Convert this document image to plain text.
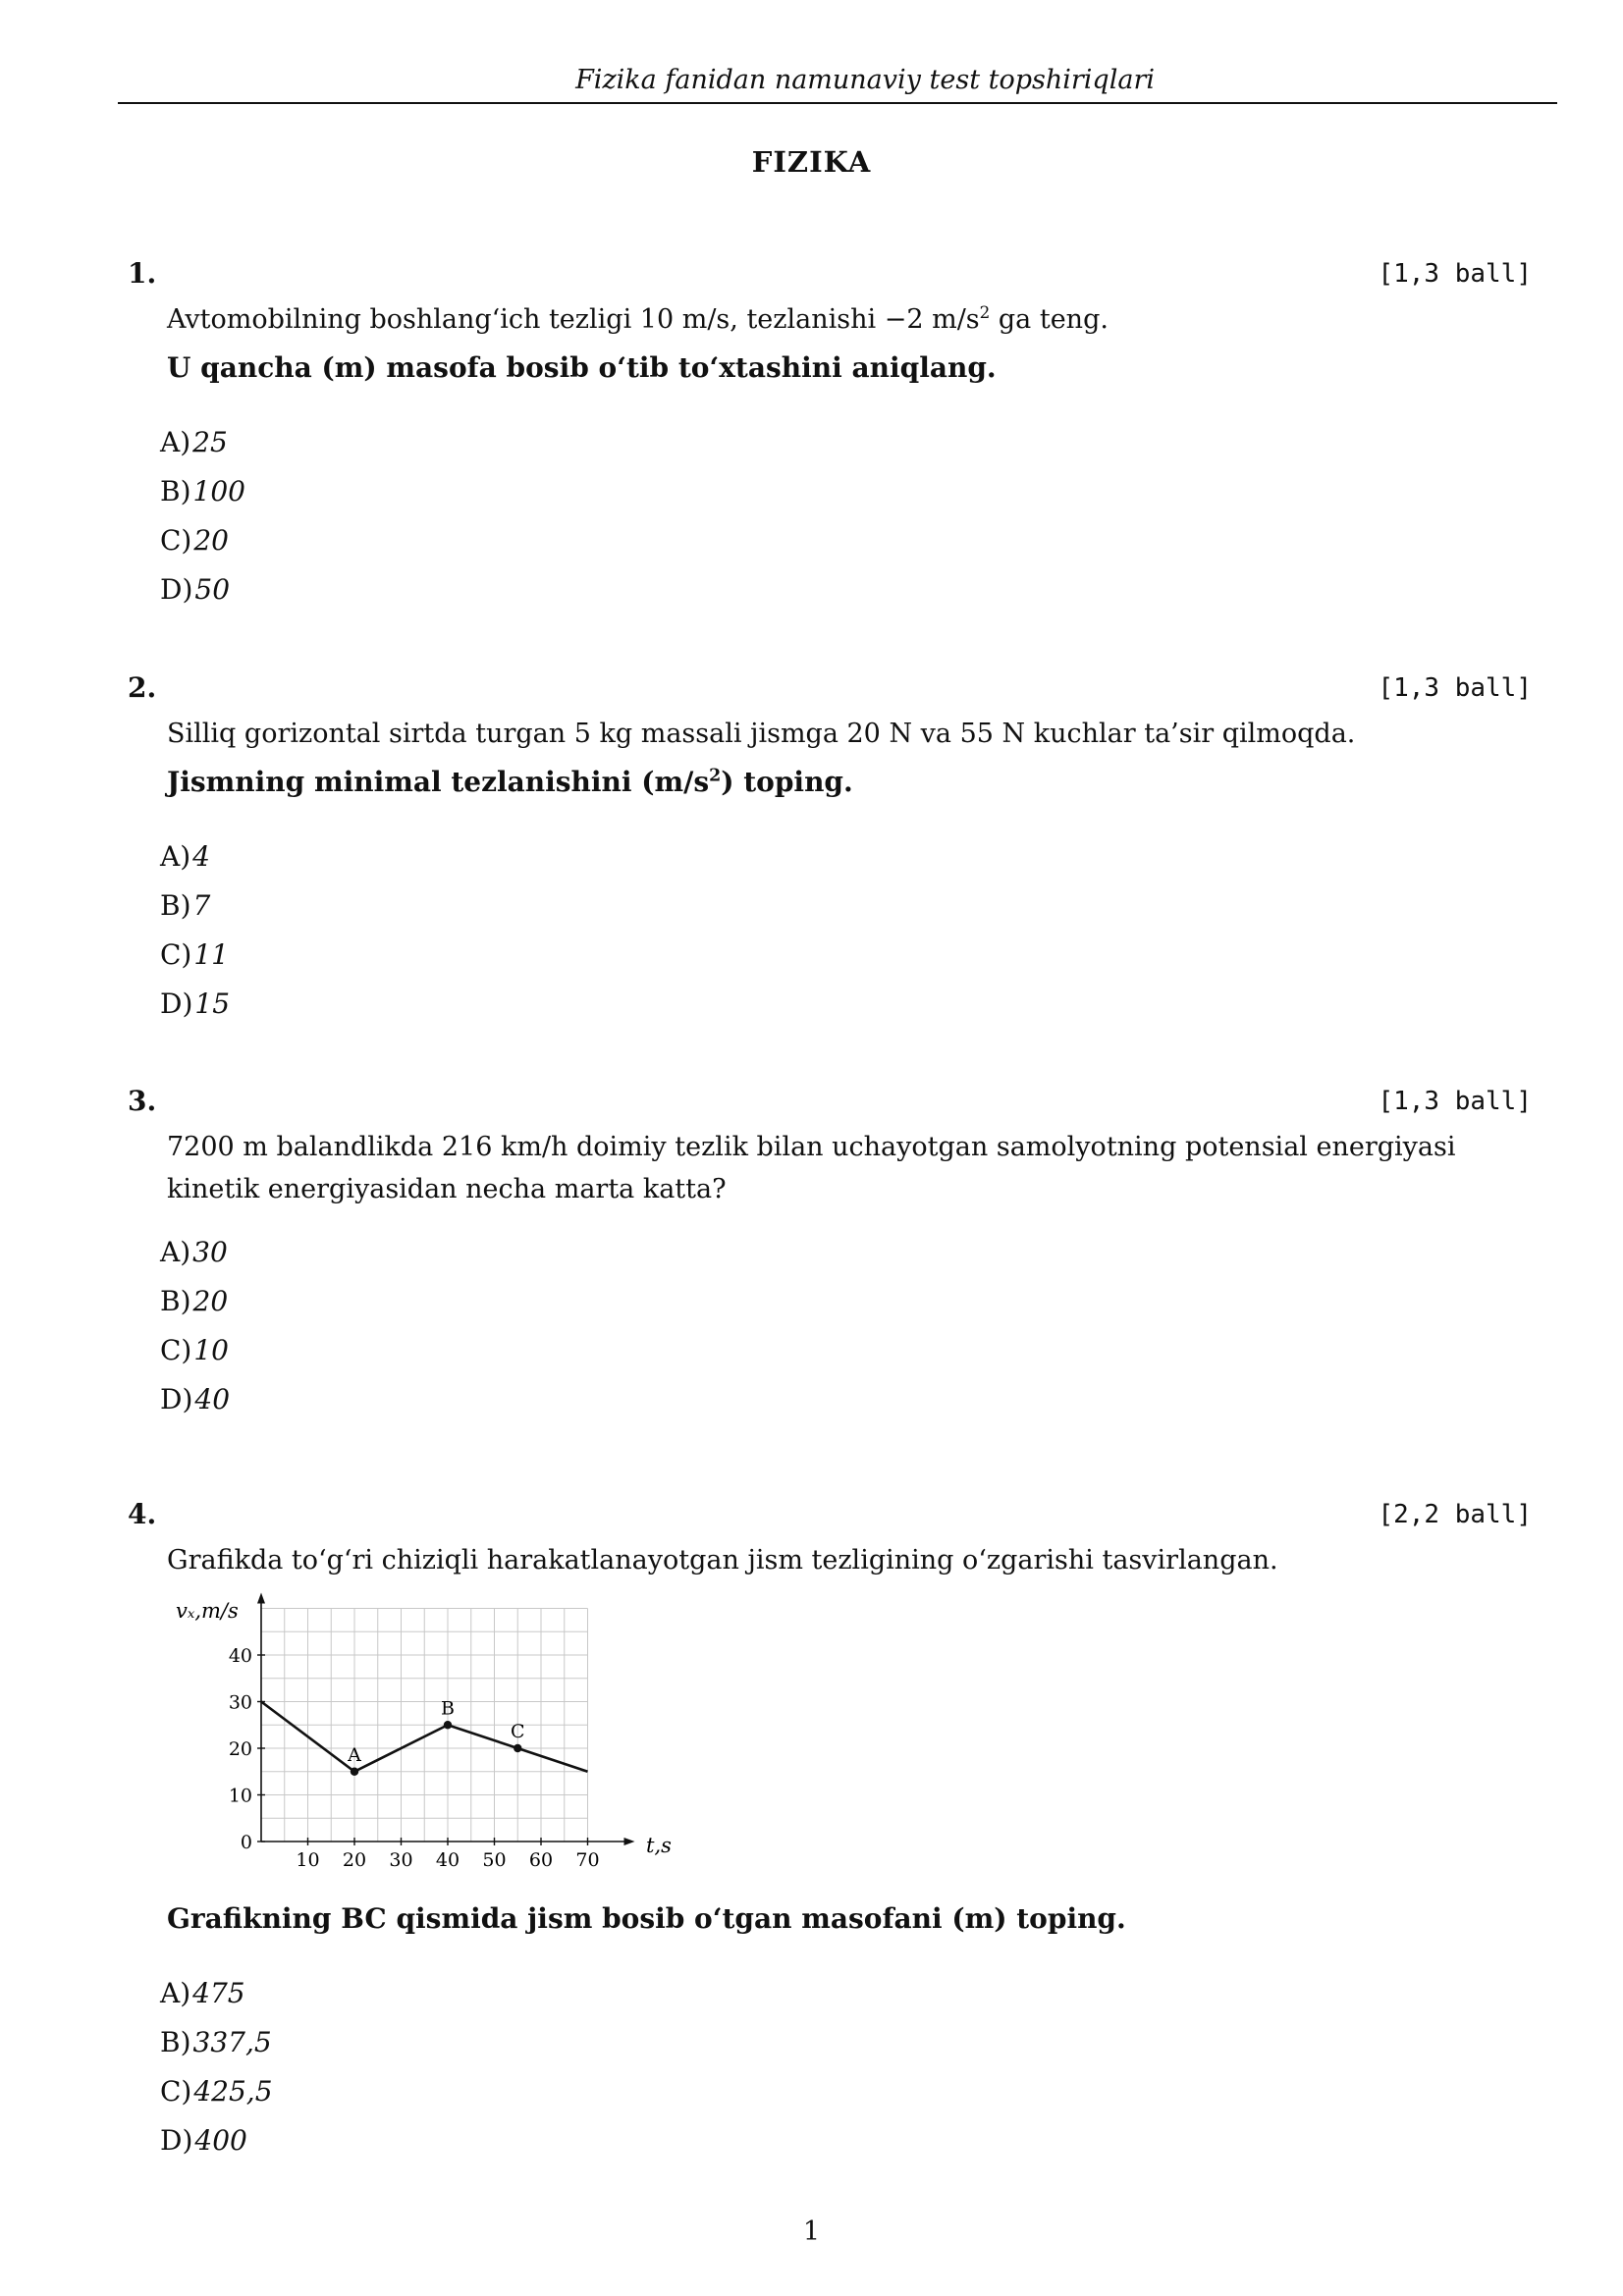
Fizika fanidan namunaviy test topshiriqlari
FIZIKA
1.	[1,3 ball]
Avtomobilning boshlang‘ich tezligi 10 m/s, tezlanishi −2 $m/s^2$ ga teng.
U qancha (m) masofa bosib o‘tib to‘xtashini aniqlang.
A)25
B)100
C)20
D)50
2.	[1,3 ball]
Silliq gorizontal sirtda turgan 5 kg massali jismga 20 N va 55 N kuchlar ta’sir qilmoqda.
Jismning minimal tezlanishini $(m/s^2)$ toping.
A)4
B)7
C)11
D)15
3.	[1,3 ball]
7200 m balandlikda 216 km/h doimiy tezlik bilan uchayotgan samolyotning potensial energiyasi kinetik energiyasidan necha marta katta?
A)30
B)20
C)10
D)40
4.	[2,2 ball]
Grafikda to‘g‘ri chiziqli harakatlanayotgan jism tezligining o‘zgarishi tasvirlangan.
Grafikning BC qismida jism bosib o‘tgan masofani (m) toping.
A)475
B)337,5
C)425,5
D)400
10 20 30 40 50 60 70
0
10
20
30
40
A
B
C
vₓ,m/s
t,s
1
